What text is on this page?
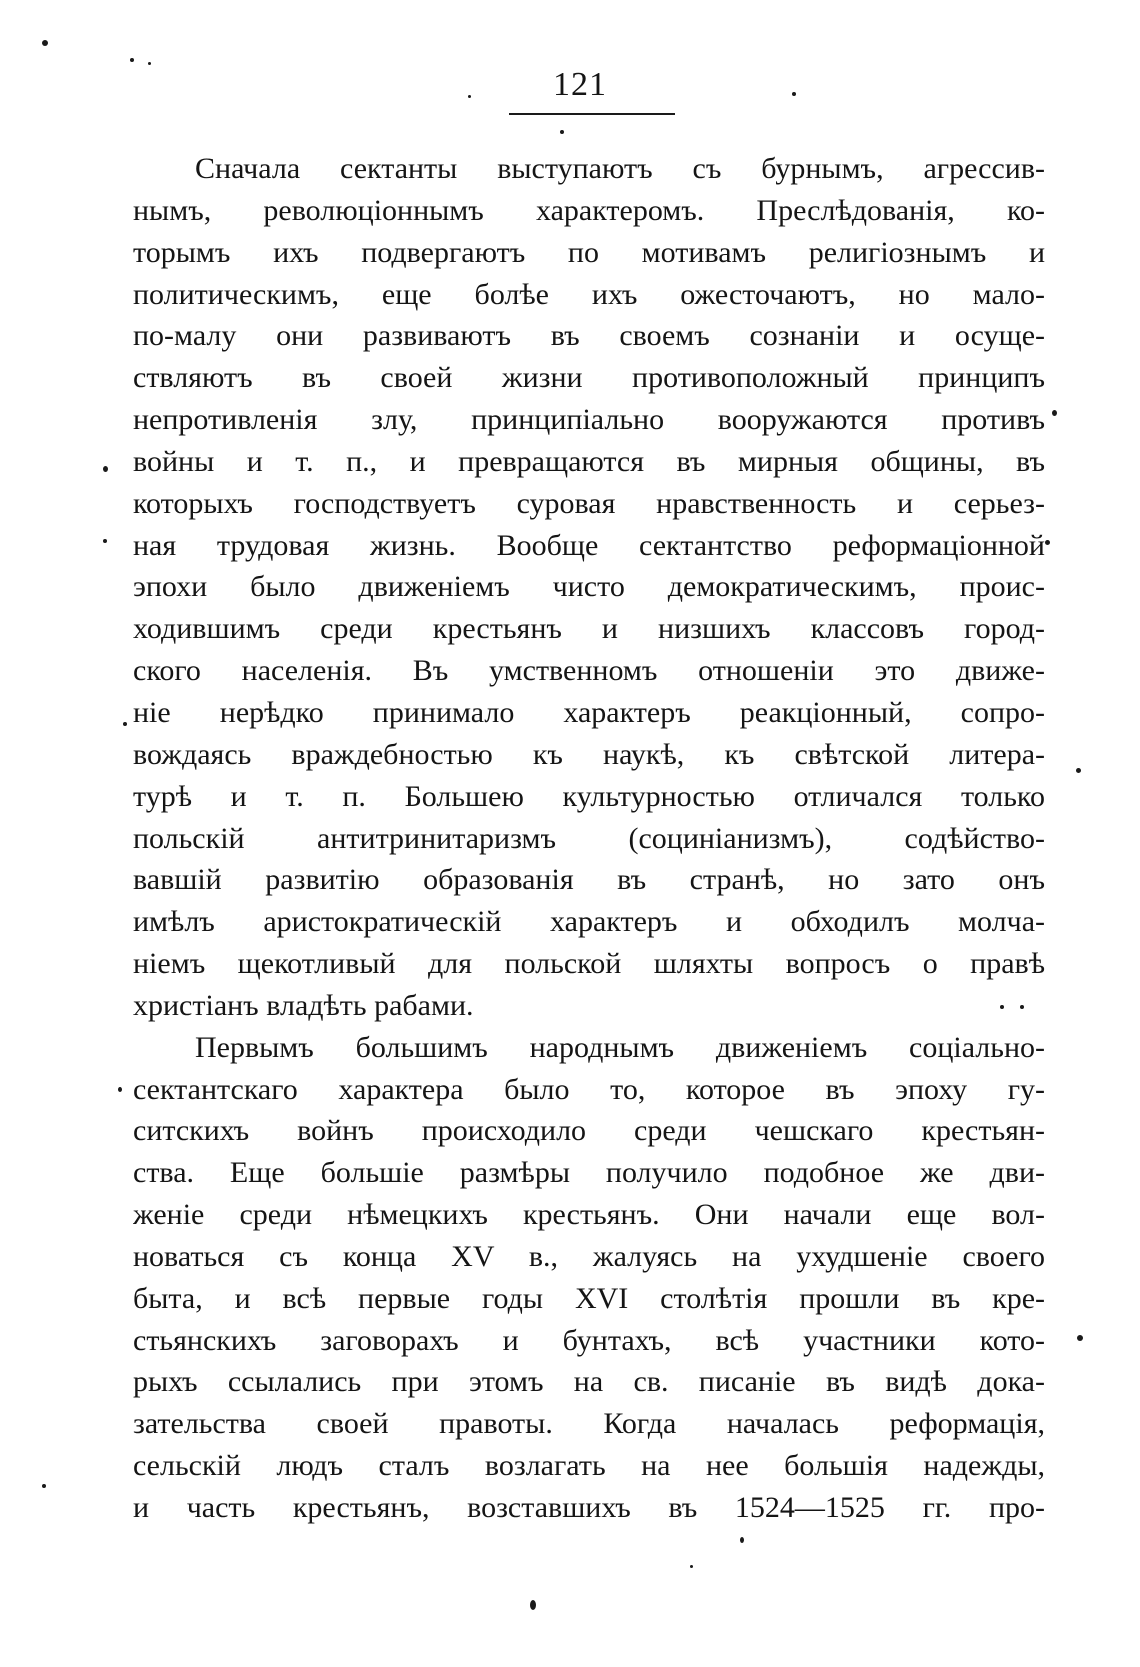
121
Сначала сектанты выступаютъ съ бурнымъ, агрессив-
нымъ, революціоннымъ характеромъ. Преслѣдованія, ко-
торымъ ихъ подвергаютъ по мотивамъ религіознымъ и
политическимъ, еще болѣе ихъ ожесточаютъ, но мало-
по-малу они развиваютъ въ своемъ сознаніи и осуще-
ствляютъ въ своей жизни противоположный принципъ
непротивленія злу, принципіально вооружаются противъ
войны и т. п., и превращаются въ мирныя общины, въ
которыхъ господствуетъ суровая нравственность и серьез-
ная трудовая жизнь. Вообще сектантство реформаціонной
эпохи было движеніемъ чисто демократическимъ, проис-
ходившимъ среди крестьянъ и низшихъ классовъ город-
ского населенія. Въ умственномъ отношеніи это движе-
ніе нерѣдко принимало характеръ реакціонный, сопро-
вождаясь враждебностью къ наукѣ, къ свѣтской литера-
турѣ и т. п. Большею культурностью отличался только
польскій антитринитаризмъ (социніанизмъ), содѣйство-
вавшій развитію образованія въ странѣ, но зато онъ
имѣлъ аристократическій характеръ и обходилъ молча-
ніемъ щекотливый для польской шляхты вопросъ о правѣ
христіанъ владѣть рабами.
Первымъ большимъ народнымъ движеніемъ соціально-
сектантскаго характера было то, которое въ эпоху гу-
ситскихъ войнъ происходило среди чешскаго крестьян-
ства. Еще большіе размѣры получило подобное же дви-
женіе среди нѣмецкихъ крестьянъ. Они начали еще вол-
новаться съ конца XV в., жалуясь на ухудшеніе своего
быта, и всѣ первые годы XVI столѣтія прошли въ кре-
стьянскихъ заговорахъ и бунтахъ, всѣ участники кото-
рыхъ ссылались при этомъ на св. писаніе въ видѣ дока-
зательства своей правоты. Когда началась реформація,
сельскій людъ сталъ возлагать на нее большія надежды,
и часть крестьянъ, возставшихъ въ 1524—1525 гг. про-
